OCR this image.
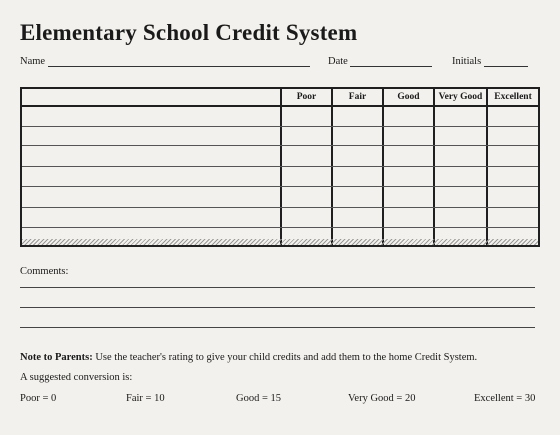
Elementary School Credit System
Name	Date	Initials
Poor	Fair	Good	Very Good	Excellent
Comments:
Note to Parents: Use the teacher's rating to give your child credits and add them to the home Credit System.
A suggested conversion is:
Poor = 0	Fair = 10	Good = 15	Very Good = 20	Excellent = 30
